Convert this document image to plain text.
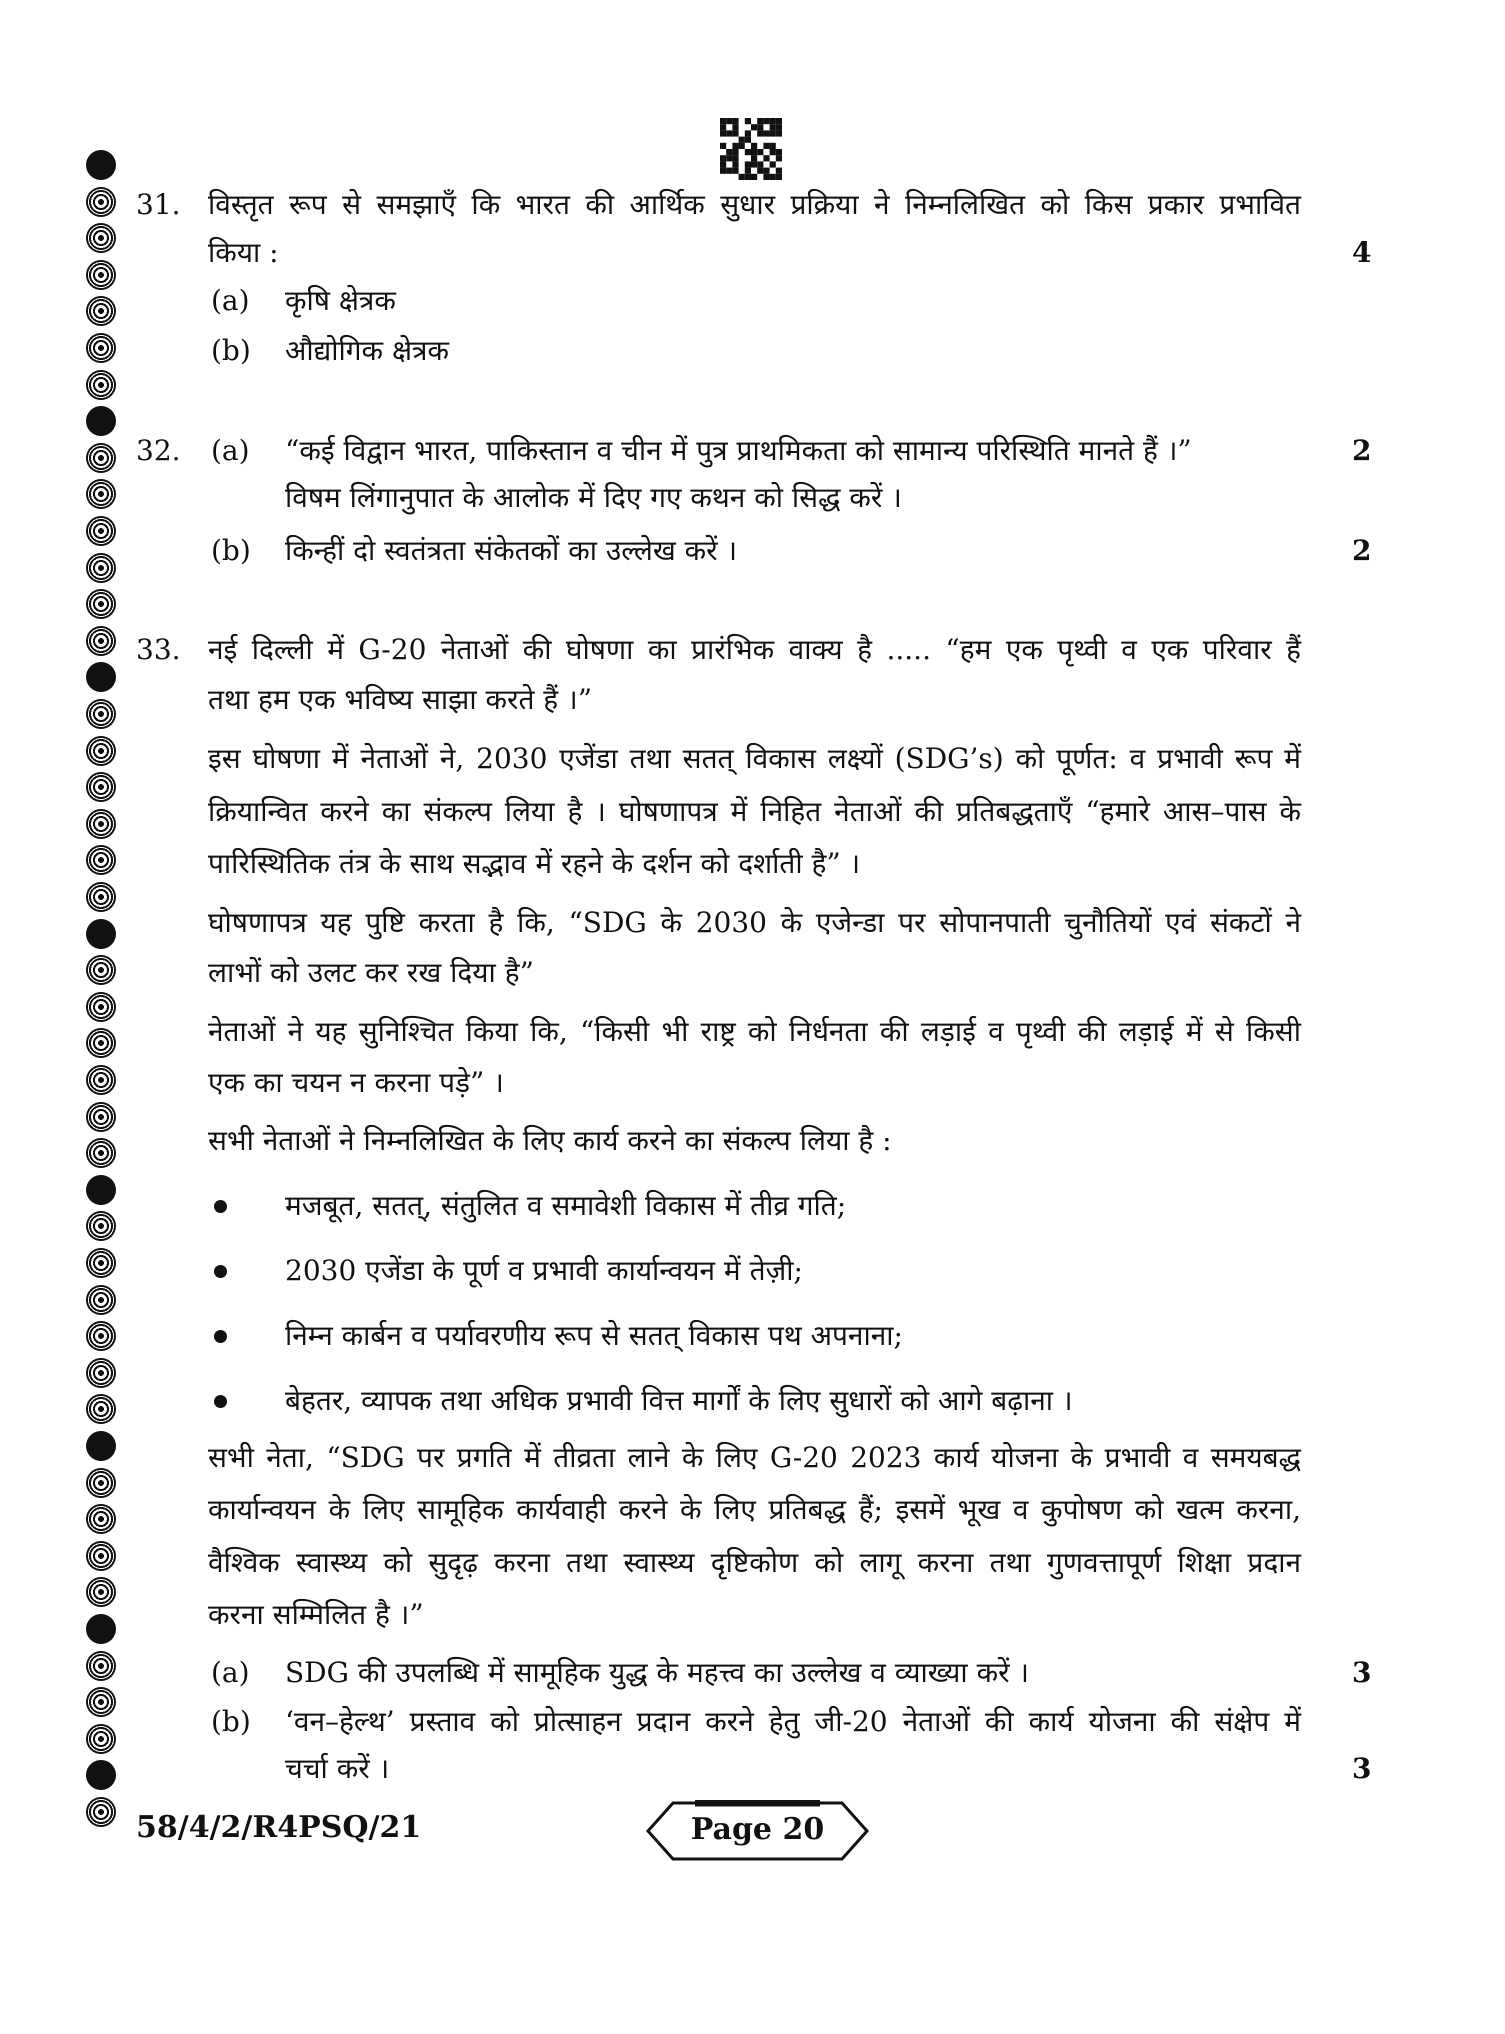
31. विस्तृत रूप से समझाएँ कि भारत की आर्थिक सुधार प्रक्रिया ने निम्नलिखित को किस प्रकार प्रभावित
किया :	4
(a) कृषि क्षेत्रक
(b) औद्योगिक क्षेत्रक
32. (a) “कई विद्वान भारत, पाकिस्तान व चीन में पुत्र प्राथमिकता को सामान्य परिस्थिति मानते हैं ।”	2
विषम लिंगानुपात के आलोक में दिए गए कथन को सिद्ध करें ।
(b) किन्हीं दो स्वतंत्रता संकेतकों का उल्लेख करें ।	2
33.
(a) SDG की उपलब्धि में सामूहिक युद्ध के महत्त्व का उल्लेख व व्याख्या करें ।	3
(b) ‘वन–हेल्थ’ प्रस्ताव को प्रोत्साहन प्रदान करने हेतु जी-20 नेताओं की कार्य योजना की संक्षेप में
चर्चा करें ।	3
58/4/2/R4PSQ/21	Page 20
नई दिल्ली में G-20 नेताओं की घोषणा का प्रारंभिक वाक्य है ..... “हम एक पृथ्वी व एक परिवार हैं
तथा हम एक भविष्य साझा करते हैं ।”
इस घोषणा में नेताओं ने, 2030 एजेंडा तथा सतत् विकास लक्ष्यों (SDG’s) को पूर्णत: व प्रभावी रूप में
क्रियान्वित करने का संकल्प लिया है । घोषणापत्र में निहित नेताओं की प्रतिबद्धताएँ “हमारे आस–पास के
पारिस्थितिक तंत्र के साथ सद्भाव में रहने के दर्शन को दर्शाती है” ।
घोषणापत्र यह पुष्टि करता है कि, “SDG के 2030 के एजेन्डा पर सोपानपाती चुनौतियों एवं संकटों ने
लाभों को उलट कर रख दिया है”
नेताओं ने यह सुनिश्चित किया कि, “किसी भी राष्ट्र को निर्धनता की लड़ाई व पृथ्वी की लड़ाई में से किसी
एक का चयन न करना पड़े” ।
सभी नेताओं ने निम्नलिखित के लिए कार्य करने का संकल्प लिया है :
मजबूत, सतत्, संतुलित व समावेशी विकास में तीव्र गति;
2030 एजेंडा के पूर्ण व प्रभावी कार्यान्वयन में तेज़ी;
निम्न कार्बन व पर्यावरणीय रूप से सतत् विकास पथ अपनाना;
बेहतर, व्यापक तथा अधिक प्रभावी वित्त मार्गों के लिए सुधारों को आगे बढ़ाना ।
सभी नेता, “SDG पर प्रगति में तीव्रता लाने के लिए G-20 2023 कार्य योजना के प्रभावी व समयबद्ध
कार्यान्वयन के लिए सामूहिक कार्यवाही करने के लिए प्रतिबद्ध हैं; इसमें भूख व कुपोषण को खत्म करना,
वैश्विक स्वास्थ्य को सुदृढ़ करना तथा स्वास्थ्य दृष्टिकोण को लागू करना तथा गुणवत्तापूर्ण शिक्षा प्रदान
करना सम्मिलित है ।”
